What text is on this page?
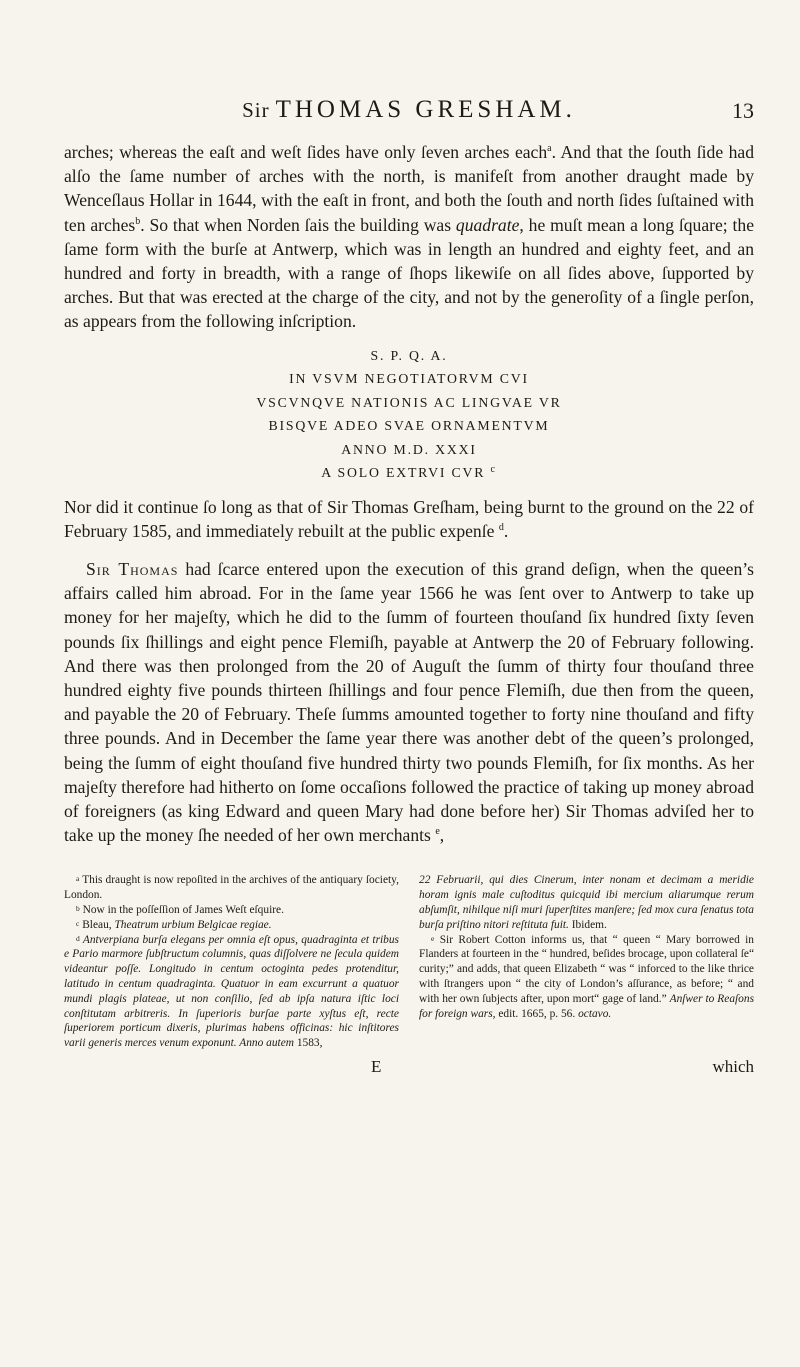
Sir THOMAS GRESHAM.	13

arches; whereas the eaſt and weſt ſides have only ſeven arches each$^a$. And that the ſouth ſide had alſo the ſame number of arches with the north, is manifeſt from another draught made by Wenceſlaus Hollar in 1644, with the eaſt in front, and both the ſouth and north ſides ſuſtained with ten arches$^b$. So that when Norden ſais the building was quadrate, he muſt mean a long ſquare; the ſame form with the burſe at Antwerp, which was in length an hundred and eighty feet, and an hundred and forty in breadth, with a range of ſhops likewiſe on all ſides above, ſupported by arches. But that was erected at the charge of the city, and not by the generoſity of a ſingle perſon, as appears from the following inſcription.

S. P. Q. A.
IN VSVM NEGOTIATORVM CVI
VSCVNQVE NATIONIS AC LINGVAE VR
BISQVE ADEO SVAE ORNAMENTVM
ANNO M.D. XXXI
A SOLO EXTRVI CVR $^c$

Nor did it continue ſo long as that of Sir Thomas Greſham, being burnt to the ground on the 22 of February 1585, and immediately rebuilt at the public expenſe $^d$.

Sir Thomas had ſcarce entered upon the execution of this grand deſign, when the queen’s affairs called him abroad. For in the ſame year 1566 he was ſent over to Antwerp to take up money for her majeſty, which he did to the ſumm of fourteen thouſand ſix hundred ſixty ſeven pounds ſix ſhillings and eight pence Flemiſh, payable at Antwerp the 20 of February following. And there was then prolonged from the 20 of Auguſt the ſumm of thirty four thouſand three hundred eighty five pounds thirteen ſhillings and four pence Flemiſh, due then from the queen, and payable the 20 of February. Theſe ſumms amounted together to forty nine thouſand and fifty three pounds. And in December the ſame year there was another debt of the queen’s prolonged, being the ſumm of eight thouſand five hundred thirty two pounds Flemiſh, for ſix months. As her majeſty therefore had hitherto on ſome occaſions followed the practice of taking up money abroad of foreigners (as king Edward and queen Mary had done before her) Sir Thomas adviſed her to take up the money ſhe needed of her own merchants $^e$,

$^a$ This draught is now repoſited in the archives of the antiquary ſociety, London.

$^b$ Now in the poſſeſſion of James Weſt eſquire.

$^c$ Bleau, Theatrum urbium Belgicae regiae.

$^d$ Antverpiana burſa elegans per omnia eſt opus, quadraginta et tribus e Pario marmore ſubſtructum columnis, quas diſſolvere ne ſecula quidem videantur poſſe. Longitudo in centum octoginta pedes protenditur, latitudo in centum quadraginta. Quatuor in eam excurrunt a quatuor mundi plagis plateae, ut non conſilio, ſed ab ipſa natura iſtic loci conſtitutam arbitreris. In ſuperioris burſae parte xyſtus eſt, recte ſuperiorem porticum dixeris, plurimas habens officinas: hic inſtitores varii generis merces venum exponunt. Anno autem 1583,

22 Februarii, qui dies Cinerum, inter nonam et decimam a meridie horam ignis male cuſtoditus quicquid ibi mercium aliarumque rerum abſumſit, nihilque niſi muri ſuperſtites manſere; ſed mox cura ſenatus tota burſa priſtino nitori reſtituta fuit. Ibidem.

$^e$ Sir Robert Cotton informs us, that “ queen “ Mary borrowed in Flanders at fourteen in the “ hundred, beſides brocage, upon collateral ſe“ curity;” and adds, that queen Elizabeth “ was “ inforced to the like thrice with ſtrangers upon “ the city of London’s aſſurance, as before; “ and with her own ſubjects after, upon mort“ gage of land.” Anſwer to Reaſons for foreign wars, edit. 1665, p. 56. octavo.

E	which
